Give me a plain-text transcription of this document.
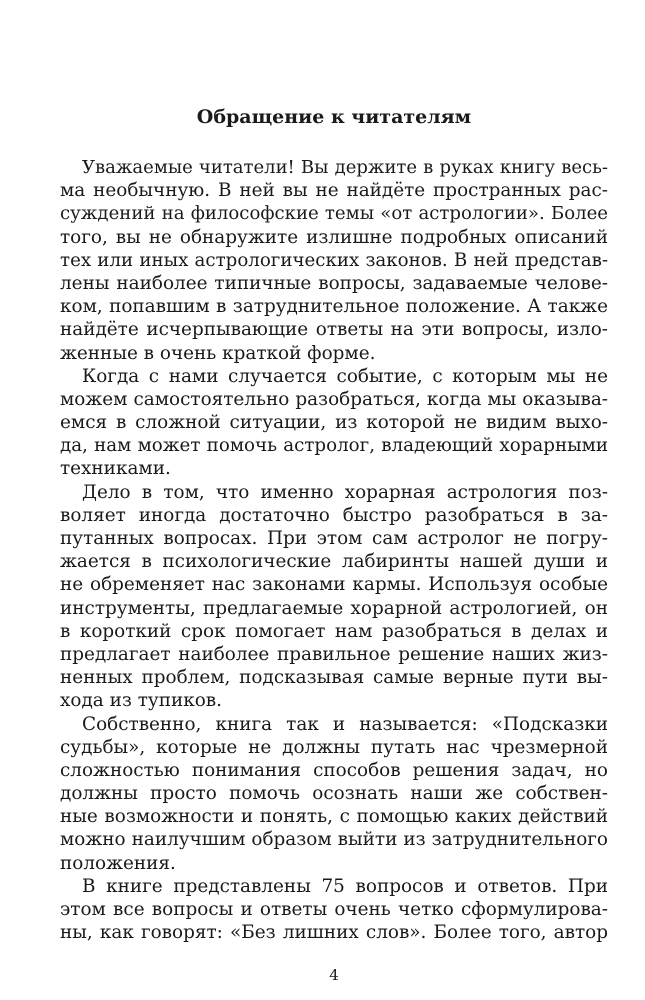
Обращение к читателям
Уважаемые читатели! Вы держите в руках книгу весь-
ма необычную. В ней вы не найдёте пространных рас-
суждений на философские темы «от астрологии». Более
того, вы не обнаружите излишне подробных описаний
тех или иных астрологических законов. В ней представ-
лены наиболее типичные вопросы, задаваемые челове-
ком, попавшим в затруднительное положение. А также
найдёте исчерпывающие ответы на эти вопросы, изло-
женные в очень краткой форме.
Когда с нами случается событие, с которым мы не
можем самостоятельно разобраться, когда мы оказыва-
емся в сложной ситуации, из которой не видим выхо-
да, нам может помочь астролог, владеющий хорарными
техниками.
Дело в том, что именно хорарная астрология поз-
воляет иногда достаточно быстро разобраться в за-
путанных вопросах. При этом сам астролог не погру-
жается в психологические лабиринты нашей души и
не обременяет нас законами кармы. Используя особые
инструменты, предлагаемые хорарной астрологией, он
в короткий срок помогает нам разобраться в делах и
предлагает наиболее правильное решение наших жиз-
ненных проблем, подсказывая самые верные пути вы-
хода из тупиков.
Собственно, книга так и называется: «Подсказки
судьбы», которые не должны путать нас чрезмерной
сложностью понимания способов решения задач, но
должны просто помочь осознать наши же собствен-
ные возможности и понять, с помощью каких действий
можно наилучшим образом выйти из затруднительного
положения.
В книге представлены 75 вопросов и ответов. При
этом все вопросы и ответы очень четко сформулирова-
ны, как говорят: «Без лишних слов». Более того, автор
4
